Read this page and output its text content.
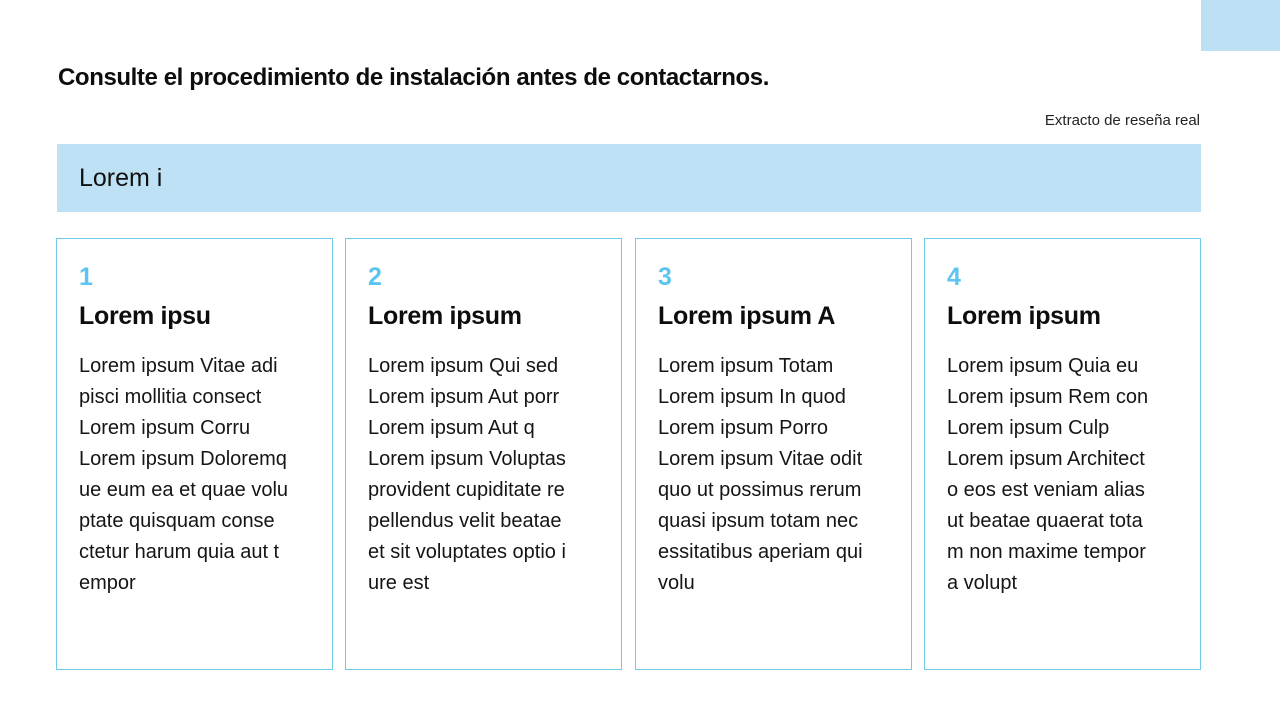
Consulte el procedimiento de instalación antes de contactarnos.
Extracto de reseña real
Lorem i
1
Lorem ipsu
Lorem ipsum Vitae adi
pisci mollitia consect
Lorem ipsum Corru
Lorem ipsum Doloremq
ue eum ea et quae volu
ptate quisquam conse
ctetur harum quia aut t
empor
2
Lorem ipsum
Lorem ipsum Qui sed
Lorem ipsum Aut porr
Lorem ipsum Aut q
Lorem ipsum Voluptas
provident cupiditate re
pellendus velit beatae
et sit voluptates optio i
ure est
3
Lorem ipsum A
Lorem ipsum Totam
Lorem ipsum In quod
Lorem ipsum Porro
Lorem ipsum Vitae odit
quo ut possimus rerum
quasi ipsum totam nec
essitatibus aperiam qui
volu
4
Lorem ipsum
Lorem ipsum Quia eu
Lorem ipsum Rem con
Lorem ipsum Culp
Lorem ipsum Architect
o eos est veniam alias
ut beatae quaerat tota
m non maxime tempor
a volupt
